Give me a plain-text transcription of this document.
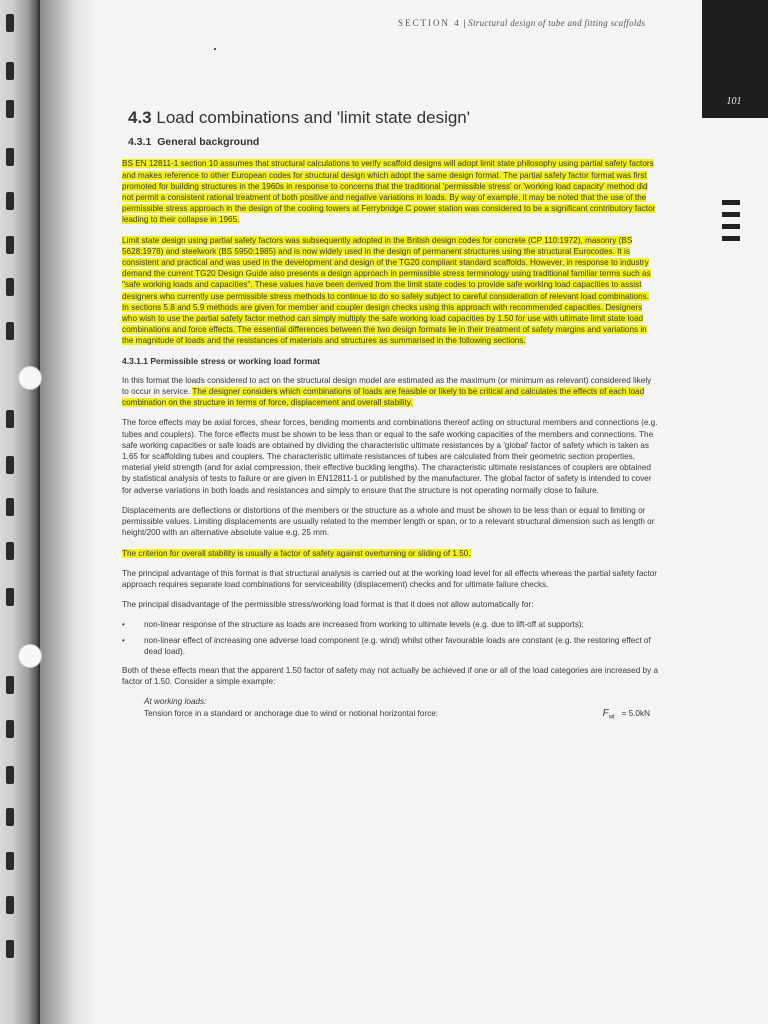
101
SECTION 4 | Structural design of tube and fitting scaffolds
4.3 Load combinations and 'limit state design'
4.3.1 General background

BS EN 12811-1 section 10 assumes that structural calculations to verify scaffold designs will adopt limit state philosophy using partial safety factors and makes reference to other European codes for structural design which adopt the same design format. The partial safety factor format was first promoted for building structures in the 1960s in response to concerns that the traditional 'permissible stress' or 'working load capacity' method did not permit a consistent rational treatment of both positive and negative variations in loads. By way of example, it may be noted that the use of the permissible stress approach in the design of the cooling towers at Ferrybridge C power station was considered to be a significant contributory factor leading to their collapse in 1965.

Limit state design using partial safety factors was subsequently adopted in the British design codes for concrete (CP 110:1972), masonry (BS 5628:1978) and steelwork (BS 5950:1985) and is now widely used in the design of permanent structures using the structural Eurocodes. It is consistent and practical and was used in the development and design of the TG20 compliant standard scaffolds. However, in response to industry demand the current TG20 Design Guide also presents a design approach in permissible stress terminology using traditional familiar terms such as "safe working loads and capacities". These values have been derived from the limit state codes to provide safe working load capacities to assist designers who currently use permissible stress methods to continue to do so safely subject to careful consideration of relevant load combinations. In sections 5.8 and 5.9 methods are given for member and coupler design checks using this approach with recommended capacities. Designers who wish to use the partial safety factor method can simply multiply the safe working load capacities by 1.50 for use with ultimate limit state load combinations and force effects. The essential differences between the two design formats lie in their treatment of safety margins and variations in the magnitude of loads and the resistances of materials and structures as summarised in the following sections.

4.3.1.1 Permissible stress or working load format

In this format the loads considered to act on the structural design model are estimated as the maximum (or minimum as relevant) considered likely to occur in service. The designer considers which combinations of loads are feasible or likely to be critical and calculates the effects of each load combination on the structure in terms of force, displacement and overall stability.

The force effects may be axial forces, shear forces, bending moments and combinations thereof acting on structural members and connections (e.g. tubes and couplers). The force effects must be shown to be less than or equal to the safe working capacities of the members and connections. The safe working capacities or safe loads are obtained by dividing the characteristic ultimate resistances by a 'global' factor of safety which is taken as 1.65 for scaffolding tubes and couplers. The characteristic ultimate resistances of tubes are calculated from their geometric section properties, material yield strength (and for axial compression, their effective buckling lengths). The characteristic ultimate resistances of couplers are obtained by statistical analysis of tests to failure or are given in EN12811-1 or published by the manufacturer. The global factor of safety is intended to cover for adverse variations in both loads and resistances and simply to ensure that the structure is not operating normally close to failure.

Displacements are deflections or distortions of the members or the structure as a whole and must be shown to be less than or equal to limiting or permissible values. Limiting displacements are usually related to the member length or span, or to a relevant structural dimension such as length or height/200 with an alternative absolute value e.g. 25 mm.

The criterion for overall stability is usually a factor of safety against overturning or sliding of 1.50.

The principal advantage of this format is that structural analysis is carried out at the working load level for all effects whereas the partial safety factor approach requires separate load combinations for serviceability (displacement) checks and for ultimate failure checks.

The principal disadvantage of the permissible stress/working load format is that it does not allow automatically for:

• non-linear response of the structure as loads are increased from working to ultimate levels (e.g. due to lift-off at supports);
• non-linear effect of increasing one adverse load component (e.g. wind) whilst other favourable loads are constant (e.g. the restoring effect of dead load).

Both of these effects mean that the apparent 1.50 factor of safety may not actually be achieved if one or all of the load categories are increased by a factor of 1.50. Consider a simple example:

At working loads:
Tension force in a standard or anchorage due to wind or notional horizontal force:	$F_{wt} = 5.0kN$
